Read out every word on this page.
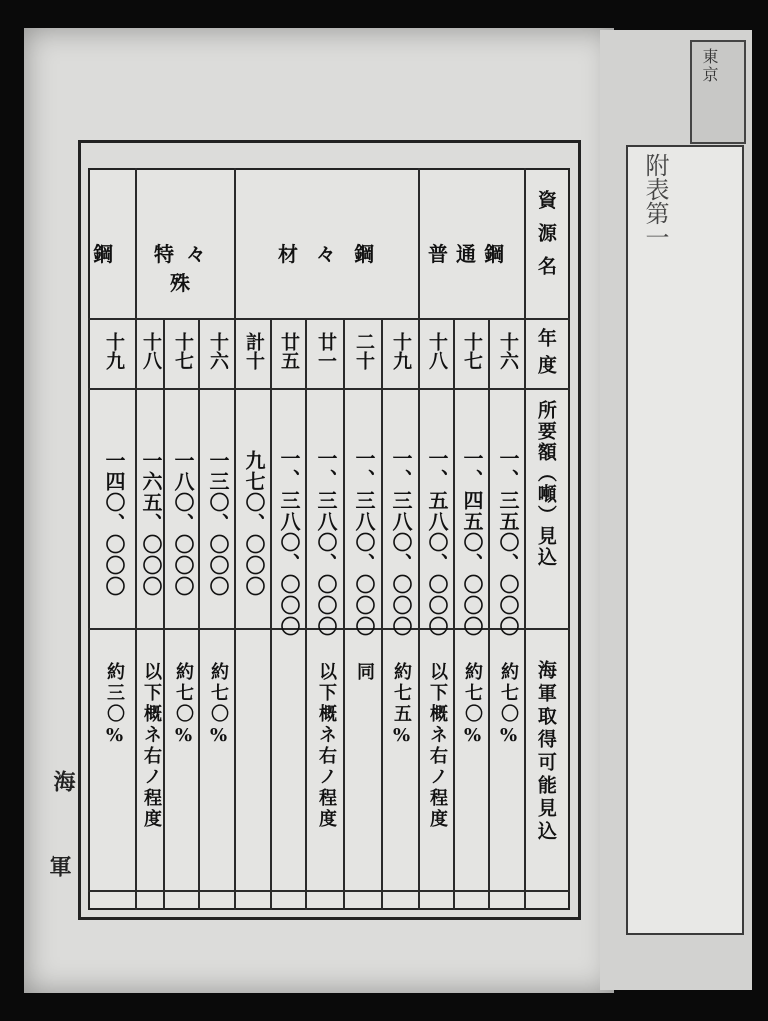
附表第一
東京
資源名
年度
所要額（噸）見込
海軍取得可能見込
普通鋼
材々鋼
特々殊
鋼
十六
一、三五〇、〇〇〇
約七〇%
十七
一、四五〇、〇〇〇
約七〇%
十八
一、五八〇、〇〇〇
以下概ネ右ノ程度
十九
一、三八〇、〇〇〇
約七五%
二十
一、三八〇、〇〇〇
同
廿一
一、三八〇、〇〇〇
以下概ネ右ノ程度
廿五
一、三八〇、〇〇〇
計十
九七〇、〇〇〇
十六
一三〇、〇〇〇
約七〇%
十七
一八〇、〇〇〇
約七〇%
十八
一六五、〇〇〇
以下概ネ右ノ程度
十九
一四〇、〇〇〇
約三〇%
海
軍
